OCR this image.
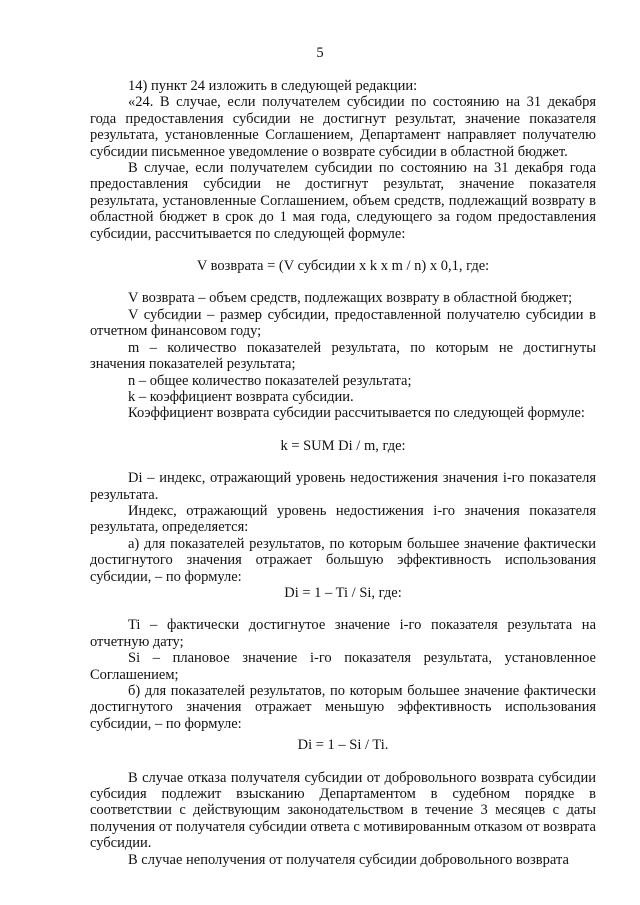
5

14) пункт 24 изложить в следующей редакции:

«24. В случае, если получателем субсидии по состоянию на 31 декабря года предоставления субсидии не достигнут результат, значение показателя результата, установленные Соглашением, Департамент направляет получателю субсидии письменное уведомление о возврате субсидии в областной бюджет.

В случае, если получателем субсидии по состоянию на 31 декабря года предоставления субсидии не достигнут результат, значение показателя результата, установленные Соглашением, объем средств, подлежащий возврату в областной бюджет в срок до 1 мая года, следующего за годом предоставления субсидии, рассчитывается по следующей формуле:

V возврата = (V субсидии x k x m / n) x 0,1, где:

V возврата – объем средств, подлежащих возврату в областной бюджет;

V субсидии – размер субсидии, предоставленной получателю субсидии в отчетном финансовом году;

m – количество показателей результата, по которым не достигнуты значения показателей результата;

n – общее количество показателей результата;

k – коэффициент возврата субсидии.

Коэффициент возврата субсидии рассчитывается по следующей формуле:

k = SUM Di / m, где:

Di – индекс, отражающий уровень недостижения значения i-го показателя результата.

Индекс, отражающий уровень недостижения i-го значения показателя результата, определяется:

а) для показателей результатов, по которым большее значение фактически достигнутого значения отражает большую эффективность использования субсидии, – по формуле:

Di = 1 – Ti / Si, где:

Ti – фактически достигнутое значение i-го показателя результата на отчетную дату;

Si – плановое значение i-го показателя результата, установленное Соглашением;

б) для показателей результатов, по которым большее значение фактически достигнутого значения отражает меньшую эффективность использования субсидии, – по формуле:

Di = 1 – Si / Ti.

В случае отказа получателя субсидии от добровольного возврата субсидии субсидия подлежит взысканию Департаментом в судебном порядке в соответствии с действующим законодательством в течение 3 месяцев с даты получения от получателя субсидии ответа с мотивированным отказом от возврата субсидии.

В случае неполучения от получателя субсидии добровольного возврата
